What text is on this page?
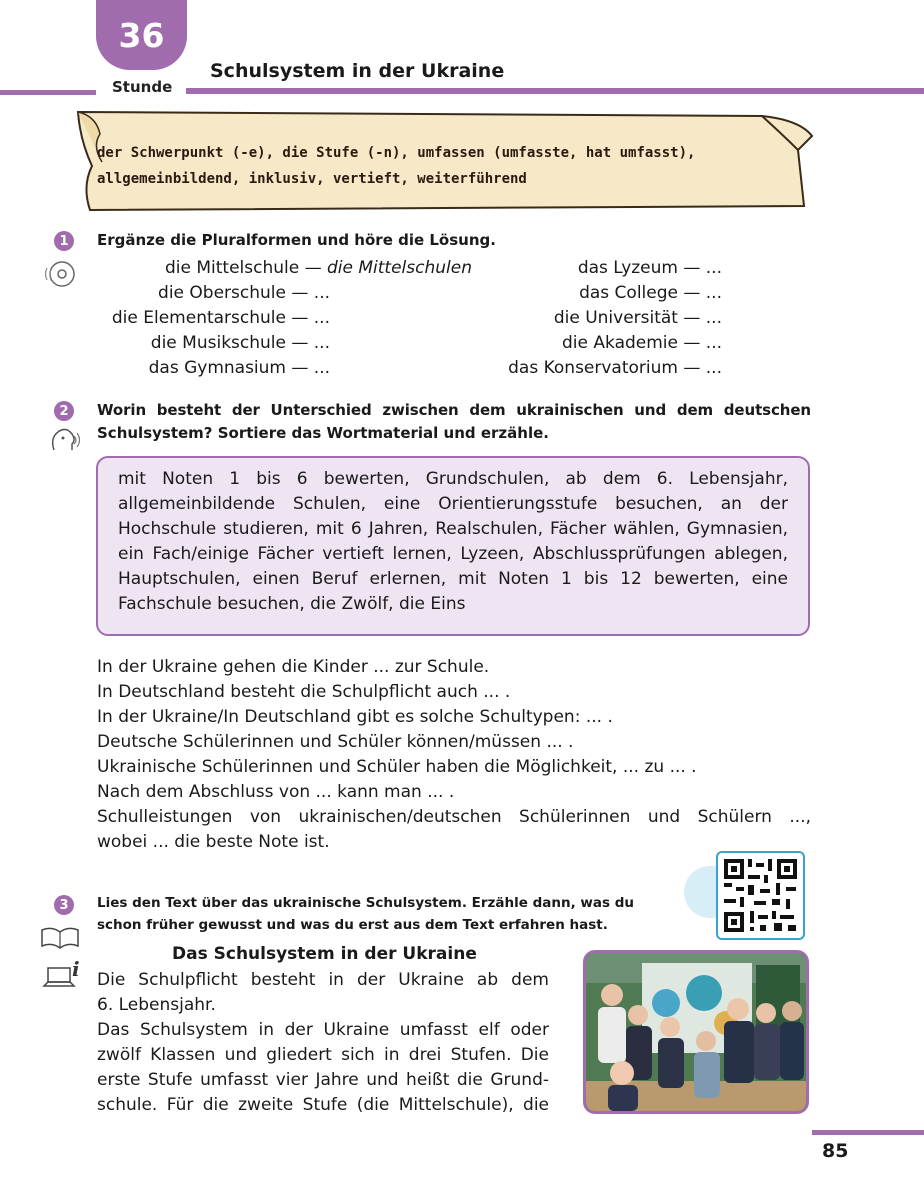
36
Stunde
Schulsystem in der Ukraine
der Schwerpunkt (-e), die Stufe (-n), umfassen (umfasste, hat umfasst),
allgemeinbildend, inklusiv, vertieft, weiterführend
1	Ergänze die Pluralformen und höre die Lösung.
die Mittelschule — die Mittelschulen
die Oberschule — ...
die Elementarschule — ...
die Musikschule — ...
das Gymnasium — ...
das Lyzeum — ...
das College — ...
die Universität — ...
die Akademie — ...
das Konservatorium — ...
2	Worin besteht der Unterschied zwischen dem ukrainischen und dem deutschen
Schulsystem? Sortiere das Wortmaterial und erzähle.
mit Noten 1 bis 6 bewerten, Grundschulen, ab dem 6. Lebensjahr, allgemeinbildende Schulen, eine Orientierungsstufe besuchen, an der Hochschule studieren, mit 6 Jahren, Realschulen, Fächer wählen, Gymnasien, ein Fach/einige Fächer vertieft lernen, Lyzeen, Abschlussprüfungen ablegen, Hauptschulen, einen Beruf erlernen, mit Noten 1 bis 12 bewerten, eine Fachschule besuchen, die Zwölf, die Eins
In der Ukraine gehen die Kinder ... zur Schule.
In Deutschland besteht die Schulpflicht auch ... .
In der Ukraine/In Deutschland gibt es solche Schultypen: ... .
Deutsche Schülerinnen und Schüler können/müssen ... .
Ukrainische Schülerinnen und Schüler haben die Möglichkeit, ... zu ... .
Nach dem Abschluss von ... kann man ... .
Schulleistungen von ukrainischen/deutschen Schülerinnen und Schülern ...,
wobei ... die beste Note ist.
3	Lies den Text über das ukrainische Schulsystem. Erzähle dann, was du
schon früher gewusst und was du erst aus dem Text erfahren hast.
i
Das Schulsystem in der Ukraine
Die Schulpflicht besteht in der Ukraine ab dem
6. Lebensjahr.
Das Schulsystem in der Ukraine umfasst elf oder
zwölf Klassen und gliedert sich in drei Stufen. Die
erste Stufe umfasst vier Jahre und heißt die Grund-
schule. Für die zweite Stufe (die Mittelschule), die
85
